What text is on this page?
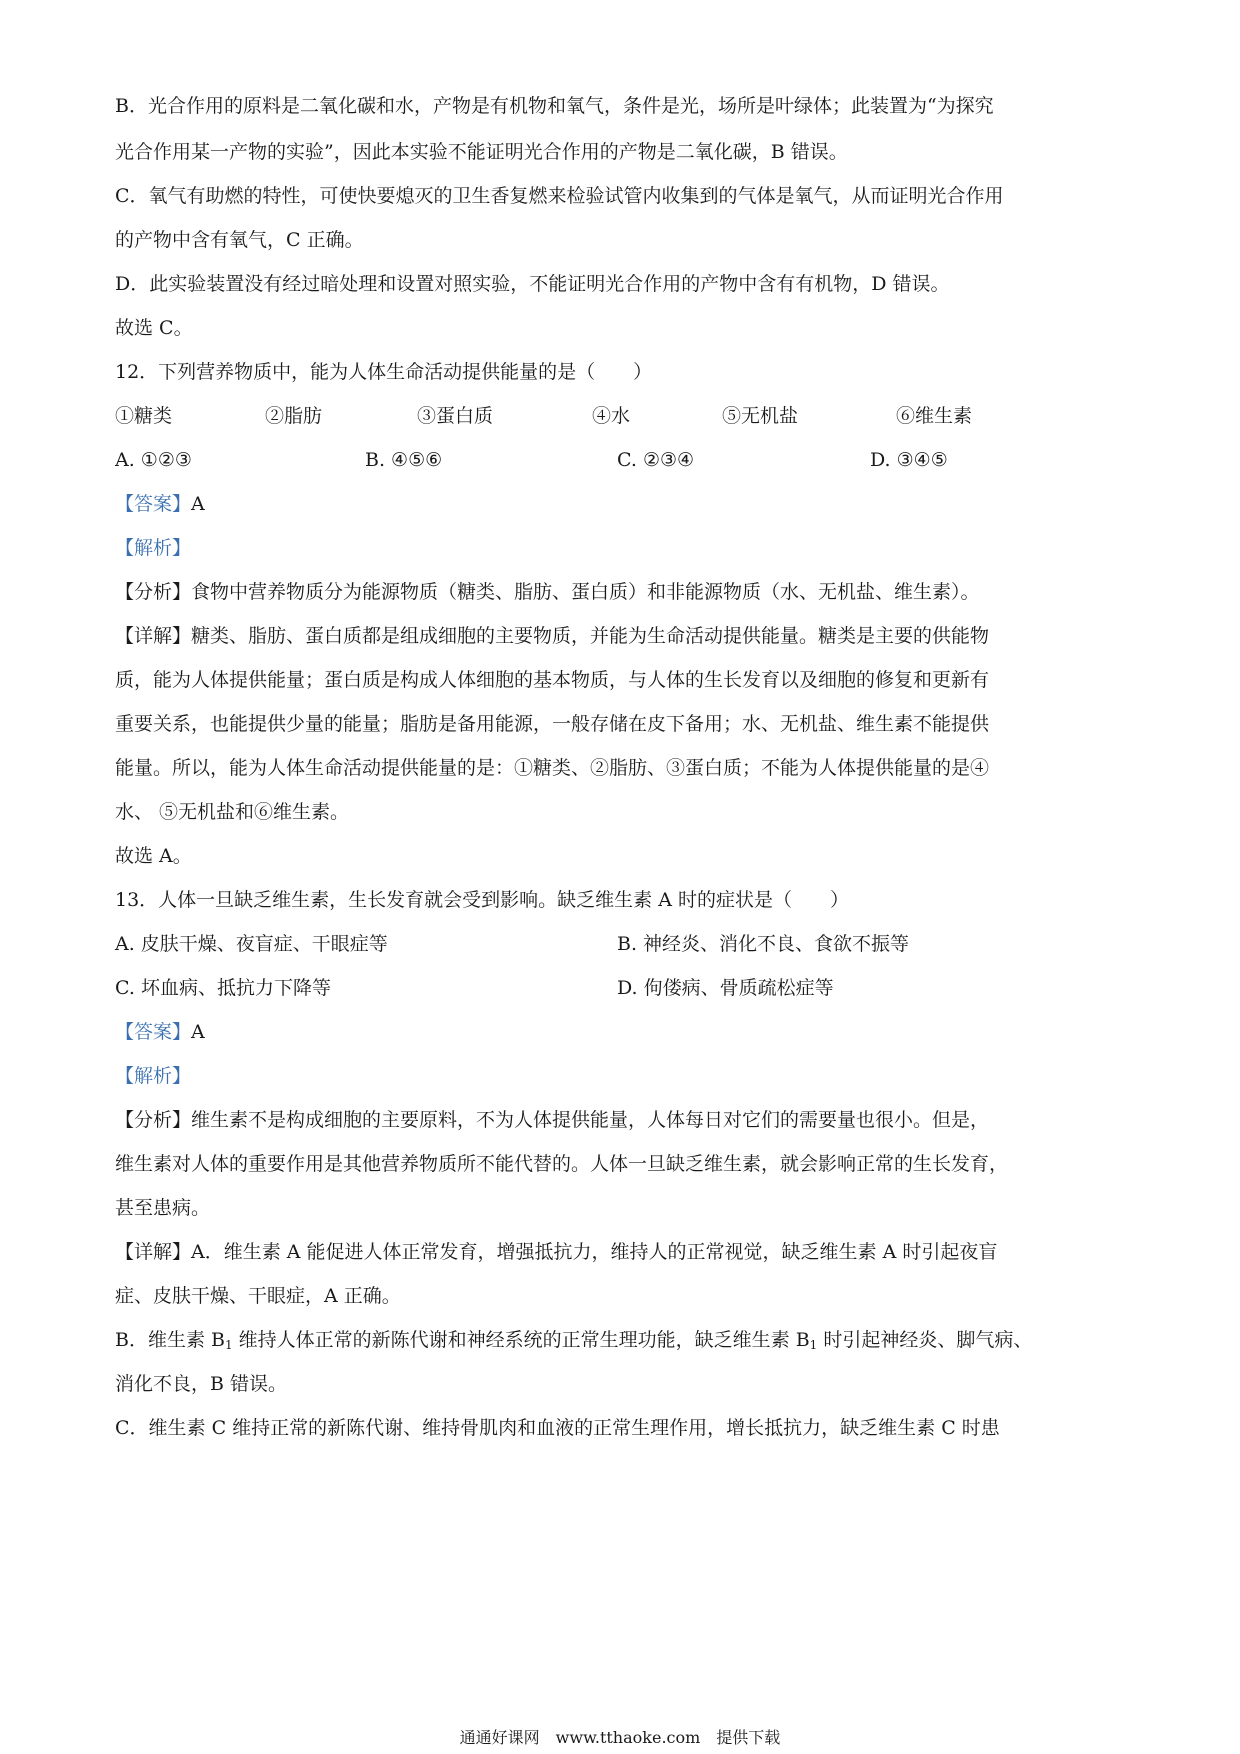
B．光合作用的原料是二氧化碳和水，产物是有机物和氧气，条件是光，场所是叶绿体；此装置为“为探究
光合作用某一产物的实验”，因此本实验不能证明光合作用的产物是二氧化碳，B 错误。
C．氧气有助燃的特性，可使快要熄灭的卫生香复燃来检验试管内收集到的气体是氧气，从而证明光合作用
的产物中含有氧气，C 正确。
D．此实验装置没有经过暗处理和设置对照实验，不能证明光合作用的产物中含有有机物，D 错误。
故选 C。
12．下列营养物质中，能为人体生命活动提供能量的是（　　）
①糖类	②脂肪	③蛋白质	④水	⑤无机盐	⑥维生素
A. ①②③	B. ④⑤⑥	C. ②③④	D. ③④⑤
【答案】A
【解析】
【分析】食物中营养物质分为能源物质（糖类、脂肪、蛋白质）和非能源物质（水、无机盐、维生素）。
【详解】糖类、脂肪、蛋白质都是组成细胞的主要物质，并能为生命活动提供能量。糖类是主要的供能物
质，能为人体提供能量；蛋白质是构成人体细胞的基本物质，与人体的生长发育以及细胞的修复和更新有
重要关系，也能提供少量的能量；脂肪是备用能源，一般存储在皮下备用；水、无机盐、维生素不能提供
能量。所以，能为人体生命活动提供能量的是：①糖类、②脂肪、③蛋白质；不能为人体提供能量的是④
水、 ⑤无机盐和⑥维生素。
故选 A。
13．人体一旦缺乏维生素，生长发育就会受到影响。缺乏维生素 A 时的症状是（　　）
A. 皮肤干燥、夜盲症、干眼症等	B. 神经炎、消化不良、食欲不振等
C. 坏血病、抵抗力下降等	D. 佝偻病、骨质疏松症等
【答案】A
【解析】
【分析】维生素不是构成细胞的主要原料，不为人体提供能量，人体每日对它们的需要量也很小。但是，
维生素对人体的重要作用是其他营养物质所不能代替的。人体一旦缺乏维生素，就会影响正常的生长发育，
甚至患病。
【详解】A．维生素 A 能促进人体正常发育，增强抵抗力，维持人的正常视觉，缺乏维生素 A 时引起夜盲
症、皮肤干燥、干眼症，A 正确。
B．维生素 $B_1$ 维持人体正常的新陈代谢和神经系统的正常生理功能，缺乏维生素 $B_1$ 时引起神经炎、脚气病、
消化不良，B 错误。
C．维生素 C 维持正常的新陈代谢、维持骨肌肉和血液的正常生理作用，增长抵抗力，缺乏维生素 C 时患
通通好课网　www.tthaoke.com　提供下载
